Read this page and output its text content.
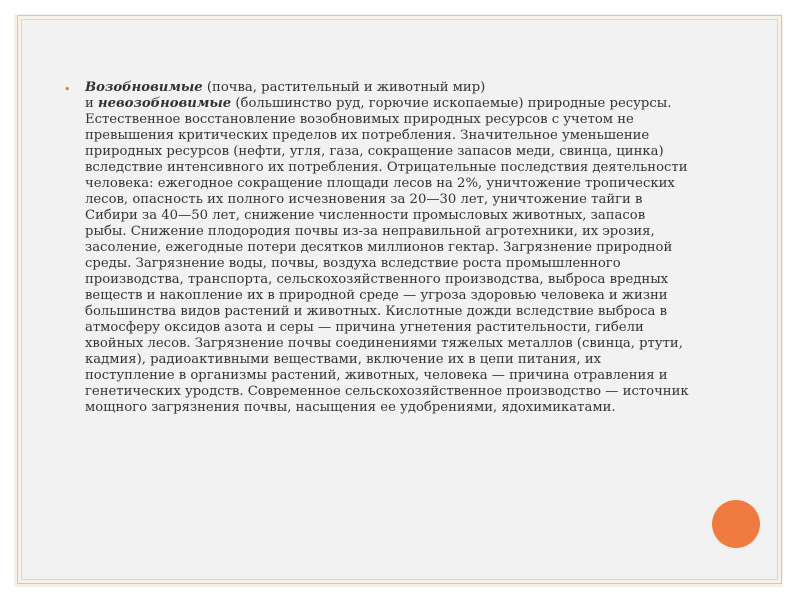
• Возобновимые (почва, растительный и животный мир)
и невозобновимые (большинство руд, горючие ископаемые) природные ресурсы.
Естественное восстановление возобновимых природных ресурсов с учетом не
превышения критических пределов их потребления. Значительное уменьшение
природных ресурсов (нефти, угля, газа, сокращение запасов меди, свинца, цинка)
вследствие интенсивного их потребления. Отрицательные последствия деятельности
человека: ежегодное сокращение площади лесов на 2%, уничтожение тропических
лесов, опасность их полного исчезновения за 20—30 лет, уничтожение тайги в
Сибири за 40—50 лет, снижение численности промысловых животных, запасов
рыбы. Снижение плодородия почвы из-за неправильной агротехники, их эрозия,
засоление, ежегодные потери десятков миллионов гектар. Загрязнение природной
среды. Загрязнение воды, почвы, воздуха вследствие роста промышленного
производства, транспорта, сельскохозяйственного производства, выброса вредных
веществ и накопление их в природной среде — угроза здоровью человека и жизни
большинства видов растений и животных. Кислотные дожди вследствие выброса в
атмосферу оксидов азота и серы — причина угнетения растительности, гибели
хвойных лесов. Загрязнение почвы соединениями тяжелых металлов (свинца, ртути,
кадмия), радиоактивными веществами, включение их в цепи питания, их
поступление в организмы растений, животных, человека — причина отравления и
генетических уродств. Современное сельскохозяйственное производство — источник
мощного загрязнения почвы, насыщения ее удобрениями, ядохимикатами.
